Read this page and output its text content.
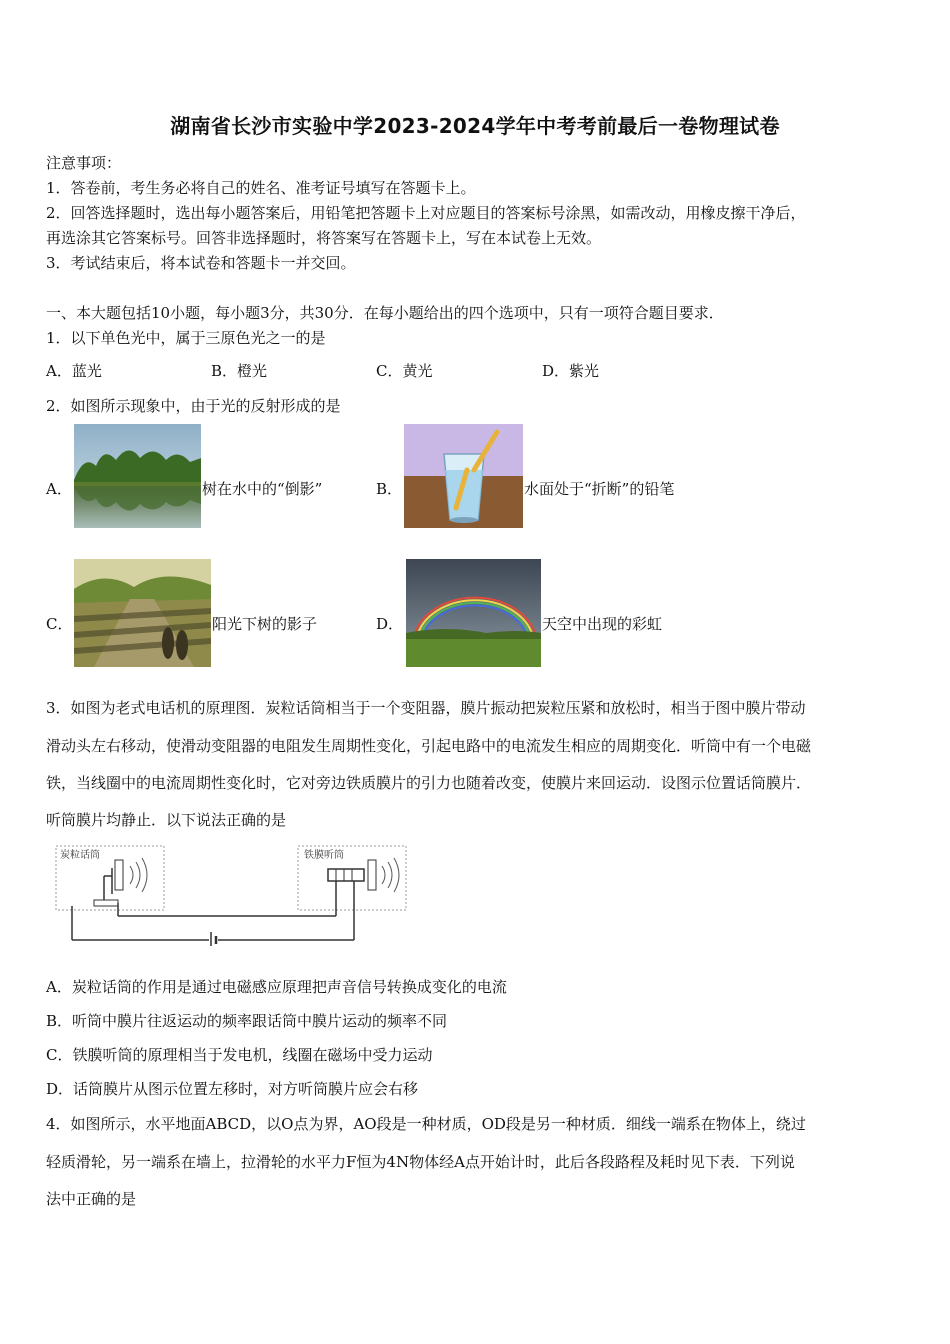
湖南省长沙市实验中学2023-2024学年中考考前最后一卷物理试卷
注意事项：
1．答卷前，考生务必将自己的姓名、准考证号填写在答题卡上。
2．回答选择题时，选出每小题答案后，用铅笔把答题卡上对应题目的答案标号涂黑，如需改动，用橡皮擦干净后，
再选涂其它答案标号。回答非选择题时，将答案写在答题卡上，写在本试卷上无效。
3．考试结束后，将本试卷和答题卡一并交回。
一、本大题包括10小题，每小题3分，共30分．在每小题给出的四个选项中，只有一项符合题目要求．
1．以下单色光中，属于三原色光之一的是
A．蓝光	B．橙光	C．黄光	D．紫光
2．如图所示现象中，由于光的反射形成的是
A．	树在水中的“倒影”	B．	水面处于“折断”的铅笔
C．	阳光下树的影子	D．	天空中出现的彩虹
3．如图为老式电话机的原理图．炭粒话筒相当于一个变阻器，膜片振动把炭粒压紧和放松时，相当于图中膜片带动
滑动头左右移动，使滑动变阻器的电阻发生周期性变化，引起电路中的电流发生相应的周期变化．听筒中有一个电磁
铁，当线圈中的电流周期性变化时，它对旁边铁质膜片的引力也随着改变，使膜片来回运动．设图示位置话筒膜片．
听筒膜片均静止．以下说法正确的是
炭粒话筒	铁膜听筒
A．炭粒话筒的作用是通过电磁感应原理把声音信号转换成变化的电流
B．听筒中膜片往返运动的频率跟话筒中膜片运动的频率不同
C．铁膜听筒的原理相当于发电机，线圈在磁场中受力运动
D．话筒膜片从图示位置左移时，对方听筒膜片应会右移
4．如图所示，水平地面ABCD，以O点为界，AO段是一种材质，OD段是另一种材质．细线一端系在物体上，绕过
轻质滑轮，另一端系在墙上，拉滑轮的水平力F恒为4N物体经A点开始计时，此后各段路程及耗时见下表．下列说
法中正确的是
